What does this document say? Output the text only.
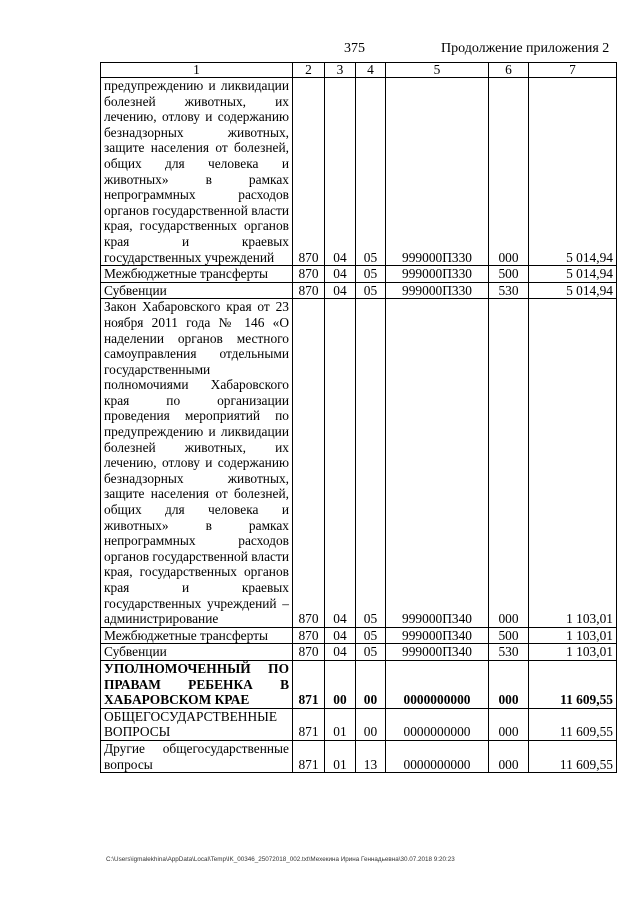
375	Продолжение приложения 2
1	2	3	4	5	6	7
предупреждению и ликвидации болезней животных, их лечению, отлову и содержанию безнадзорных животных, защите населения от болезней, общих для человека и животных» в рамках непрограммных расходов органов государственной власти края, государственных органов края и краевых государственных учреждений	870	04	05	999000П330	000	5 014,94
Межбюджетные трансферты	870	04	05	999000П330	500	5 014,94
Субвенции	870	04	05	999000П330	530	5 014,94
Закон Хабаровского края от 23 ноября 2011 года № 146 «О наделении органов местного самоуправления отдельными государственными полномочиями Хабаровского края по организации проведения мероприятий по предупреждению и ликвидации болезней животных, их лечению, отлову и содержанию безнадзорных животных, защите населения от болезней, общих для человека и животных» в рамках непрограммных расходов органов государственной власти края, государственных органов края и краевых государственных учреждений – администрирование	870	04	05	999000П340	000	1 103,01
Межбюджетные трансферты	870	04	05	999000П340	500	1 103,01
Субвенции	870	04	05	999000П340	530	1 103,01
УПОЛНОМОЧЕННЫЙ ПО ПРАВАМ РЕБЕНКА В ХАБАРОВСКОМ КРАЕ	871	00	00	0000000000	000	11 609,55
ОБЩЕГОСУДАРСТВЕННЫЕ ВОПРОСЫ	871	01	00	0000000000	000	11 609,55
Другие общегосударственные вопросы	871	01	13	0000000000	000	11 609,55
C:\Users\igmalekhina\AppData\Local\Temp\IK_00346_25072018_002.txt\Мехекина Ирина Геннадьевна\30.07.2018 9:20:23
